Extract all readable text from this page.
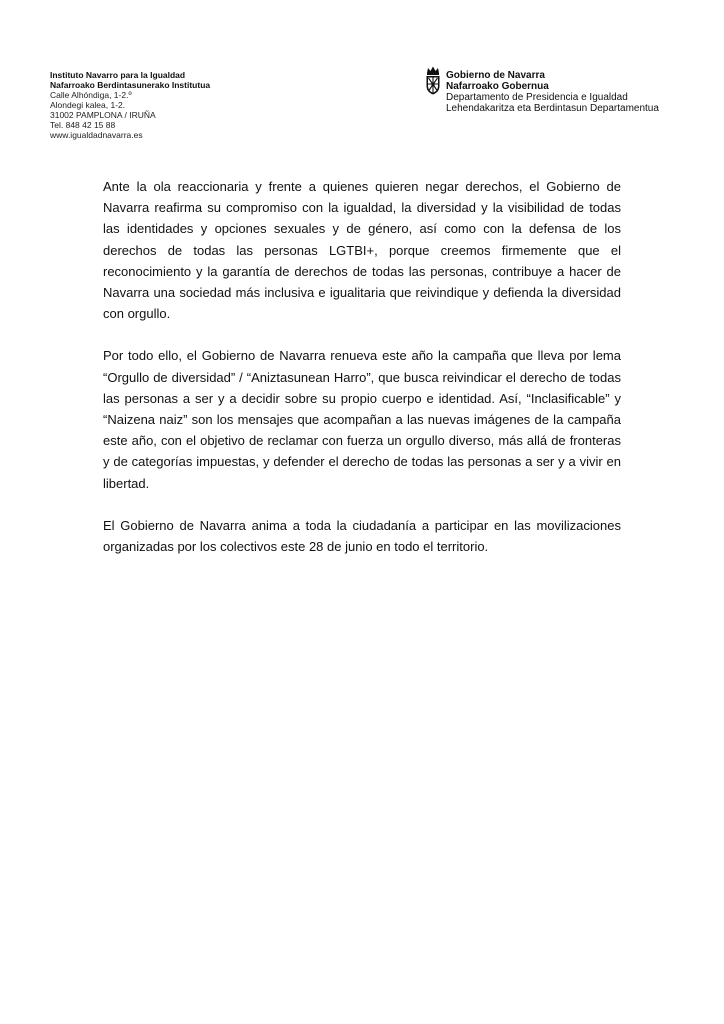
Instituto Navarro para la Igualdad
Nafarroako Berdintasunerako Institutua
Calle Alhóndiga, 1-2.º
Alondegi kalea, 1-2.
31002 PAMPLONA / IRUÑA
Tel. 848 42 15 88
www.igualdadnavarra.es
Gobierno de Navarra
Nafarroako Gobernua
Departamento de Presidencia e Igualdad
Lehendakaritza eta Berdintasun Departamentua

Ante la ola reaccionaria y frente a quienes quieren negar derechos, el Gobierno de Navarra reafirma su compromiso con la igualdad, la diversidad y la visibilidad de todas las identidades y opciones sexuales y de género, así como con la defensa de los derechos de todas las personas LGTBI+, porque creemos firmemente que el reconocimiento y la garantía de derechos de todas las personas, contribuye a hacer de Navarra una sociedad más inclusiva e igualitaria que reivindique y defienda la diversidad con orgullo.

Por todo ello, el Gobierno de Navarra renueva este año la campaña que lleva por lema “Orgullo de diversidad” / “Aniztasunean Harro”, que busca reivindicar el derecho de todas las personas a ser y a decidir sobre su propio cuerpo e identidad. Así, “Inclasificable” y “Naizena naiz” son los mensajes que acompañan a las nuevas imágenes de la campaña este año, con el objetivo de reclamar con fuerza un orgullo diverso, más allá de fronteras y de categorías impuestas, y defender el derecho de todas las personas a ser y a vivir en libertad.

El Gobierno de Navarra anima a toda la ciudadanía a participar en las movilizaciones organizadas por los colectivos este 28 de junio en todo el territorio.
